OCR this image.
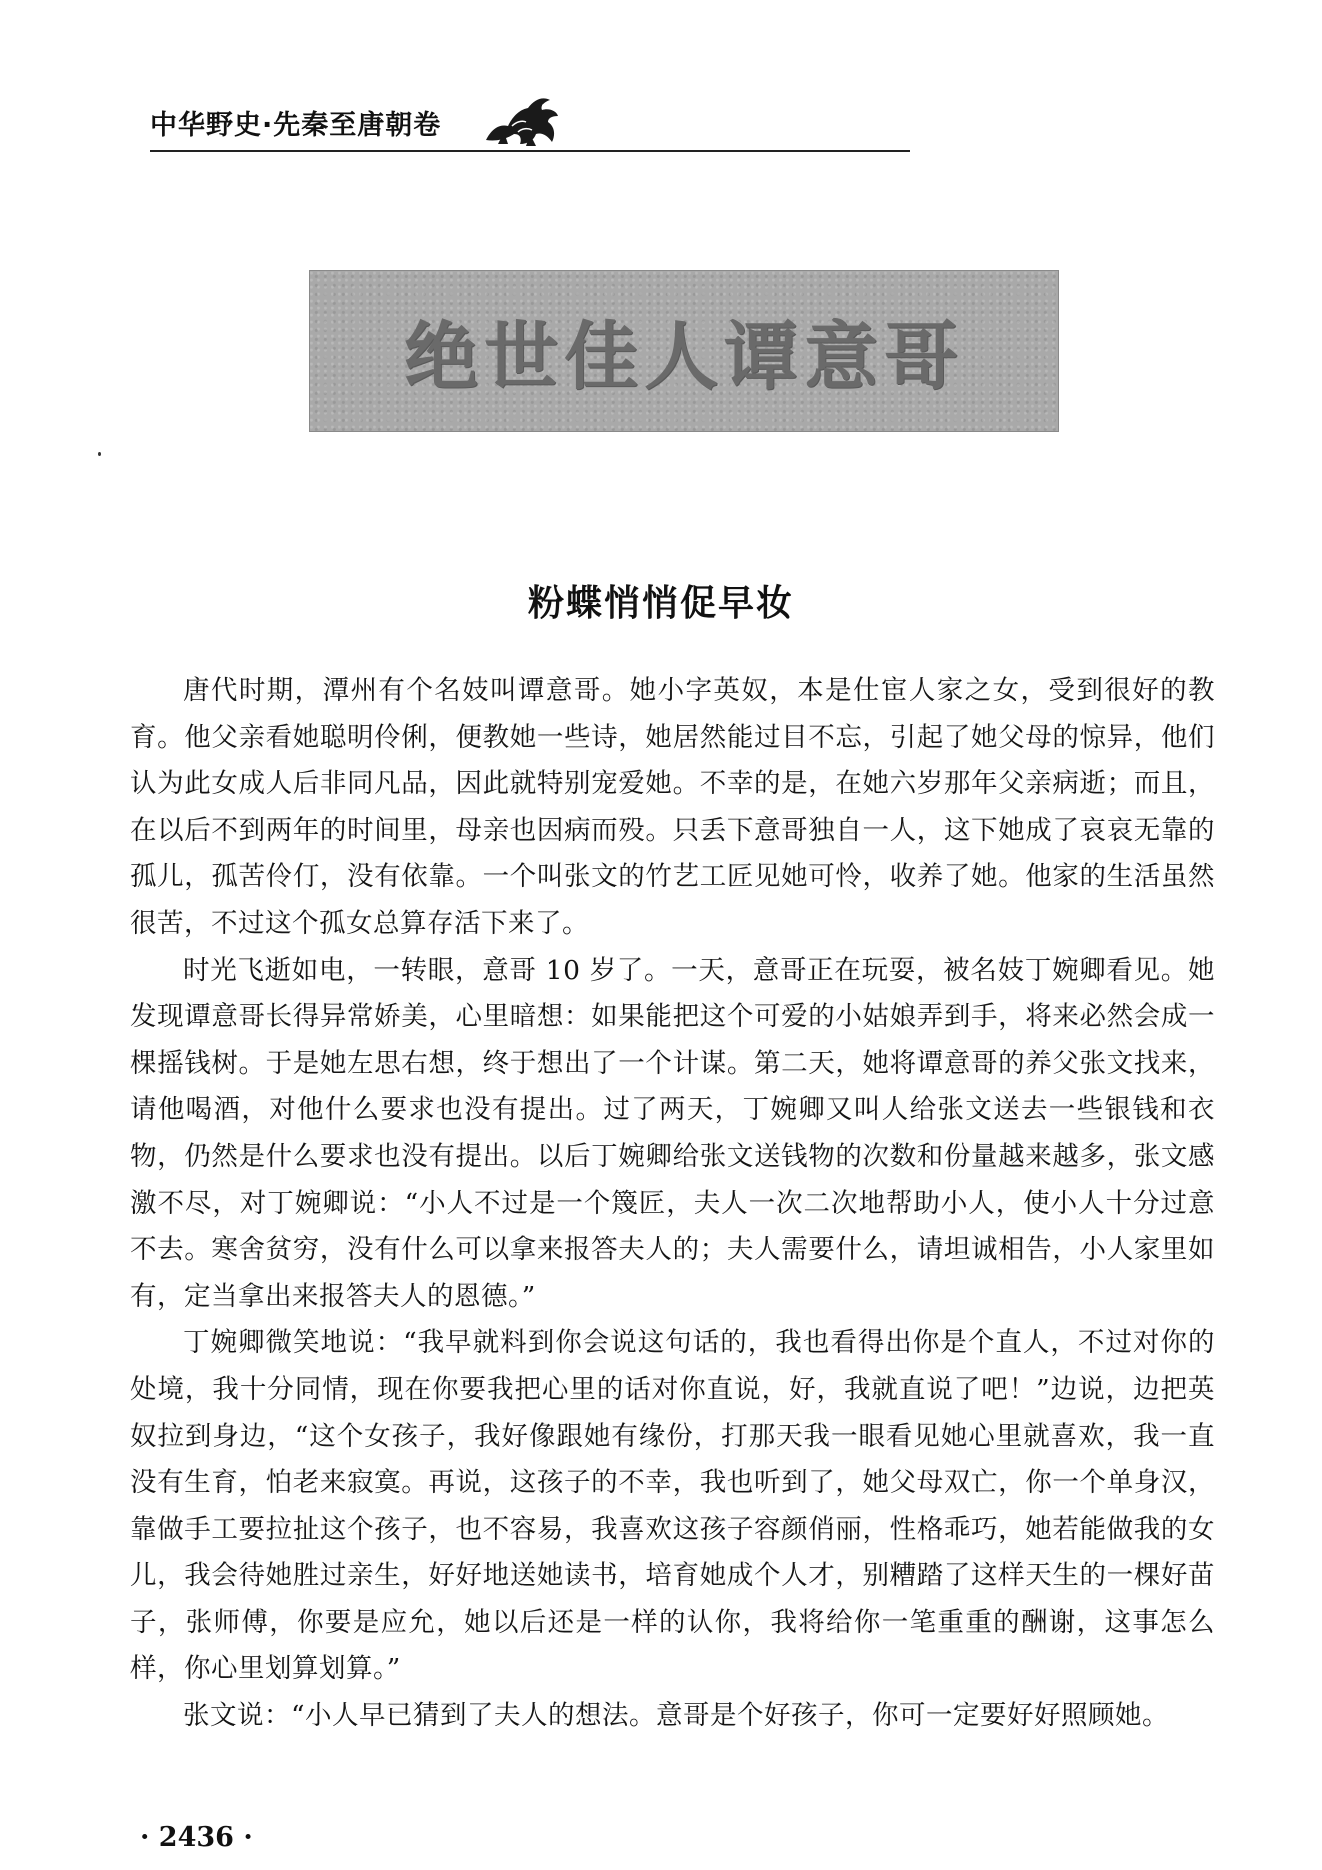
中华野史·先秦至唐朝卷
绝世佳人谭意哥
粉蝶悄悄促早妆

唐代时期，潭州有个名妓叫谭意哥。她小字英奴，本是仕宦人家之女，受到很好的教育。他父亲看她聪明伶俐，便教她一些诗，她居然能过目不忘，引起了她父母的惊异，他们认为此女成人后非同凡品，因此就特别宠爱她。不幸的是，在她六岁那年父亲病逝；而且，在以后不到两年的时间里，母亲也因病而殁。只丢下意哥独自一人，这下她成了哀哀无靠的孤儿，孤苦伶仃，没有依靠。一个叫张文的竹艺工匠见她可怜，收养了她。他家的生活虽然很苦，不过这个孤女总算存活下来了。

时光飞逝如电，一转眼，意哥 10 岁了。一天，意哥正在玩耍，被名妓丁婉卿看见。她发现谭意哥长得异常娇美，心里暗想：如果能把这个可爱的小姑娘弄到手，将来必然会成一棵摇钱树。于是她左思右想，终于想出了一个计谋。第二天，她将谭意哥的养父张文找来，请他喝酒，对他什么要求也没有提出。过了两天，丁婉卿又叫人给张文送去一些银钱和衣物，仍然是什么要求也没有提出。以后丁婉卿给张文送钱物的次数和份量越来越多，张文感激不尽，对丁婉卿说：“小人不过是一个篾匠，夫人一次二次地帮助小人，使小人十分过意不去。寒舍贫穷，没有什么可以拿来报答夫人的；夫人需要什么，请坦诚相告，小人家里如有，定当拿出来报答夫人的恩德。”

丁婉卿微笑地说：“我早就料到你会说这句话的，我也看得出你是个直人，不过对你的处境，我十分同情，现在你要我把心里的话对你直说，好，我就直说了吧！”边说，边把英奴拉到身边，“这个女孩子，我好像跟她有缘份，打那天我一眼看见她心里就喜欢，我一直没有生育，怕老来寂寞。再说，这孩子的不幸，我也听到了，她父母双亡，你一个单身汉，靠做手工要拉扯这个孩子，也不容易，我喜欢这孩子容颜俏丽，性格乖巧，她若能做我的女儿，我会待她胜过亲生，好好地送她读书，培育她成个人才，别糟踏了这样天生的一棵好苗子，张师傅，你要是应允，她以后还是一样的认你，我将给你一笔重重的酬谢，这事怎么样，你心里划算划算。”

张文说：“小人早已猜到了夫人的想法。意哥是个好孩子，你可一定要好好照顾她。

· 2436 ·
